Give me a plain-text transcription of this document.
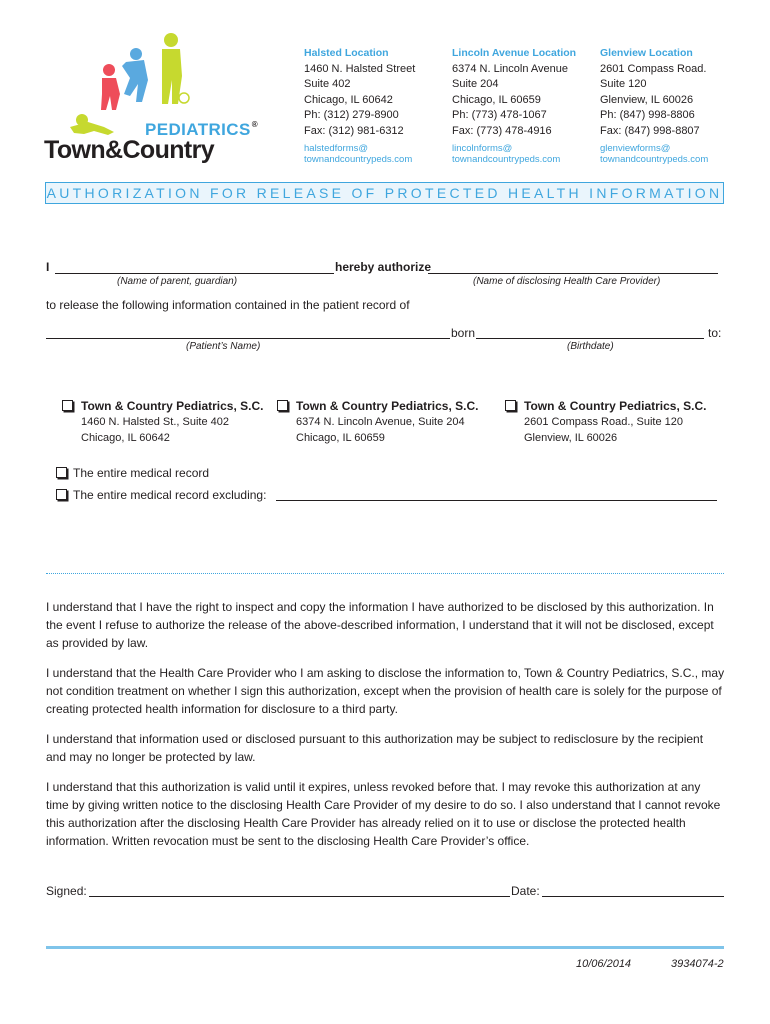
PEDIATRICS®
Town&Country
Halsted Location
1460 N. Halsted Street
Suite 402
Chicago, IL 60642
Ph: (312) 279-8900
Fax: (312) 981-6312
halstedforms@
townandcountrypeds.com
Lincoln Avenue Location
6374 N. Lincoln Avenue
Suite 204
Chicago, IL 60659
Ph: (773) 478-1067
Fax: (773) 478-4916
lincolnforms@
townandcountrypeds.com
Glenview Location
2601 Compass Road.
Suite 120
Glenview, IL 60026
Ph: (847) 998-8806
Fax: (847) 998-8807
glenviewforms@
townandcountrypeds.com
AUTHORIZATION FOR RELEASE OF PROTECTED HEALTH INFORMATION
I	hereby authorize
(Name of parent, guardian)	(Name of disclosing Health Care Provider)
to release the following information contained in the patient record of
born	to:
(Patient’s Name)	(Birthdate)
Town & Country Pediatrics, S.C.
1460 N. Halsted St., Suite 402
Chicago, IL 60642
Town & Country Pediatrics, S.C.
6374 N. Lincoln Avenue, Suite 204
Chicago, IL 60659
Town & Country Pediatrics, S.C.
2601 Compass Road., Suite 120
Glenview, IL 60026
The entire medical record
The entire medical record excluding:
I understand that I have the right to inspect and copy the information I have authorized to be disclosed by this authorization. In the event I refuse to authorize the release of the above-described information, I understand that it will not be disclosed, except as provided by law.
I understand that the Health Care Provider who I am asking to disclose the information to, Town & Country Pediatrics, S.C., may not condition treatment on whether I sign this authorization, except when the provision of health care is solely for the purpose of creating protected health information for disclosure to a third party.
I understand that information used or disclosed pursuant to this authorization may be subject to redisclosure by the recipient and may no longer be protected by law.
I understand that this authorization is valid until it expires, unless revoked before that. I may revoke this authorization at any time by giving written notice to the disclosing Health Care Provider of my desire to do so. I also understand that I cannot revoke this authorization after the disclosing Health Care Provider has already relied on it to use or disclose the protected health information. Written revocation must be sent to the disclosing Health Care Provider’s office.
Signed:	Date:
10/06/2014	3934074-2
